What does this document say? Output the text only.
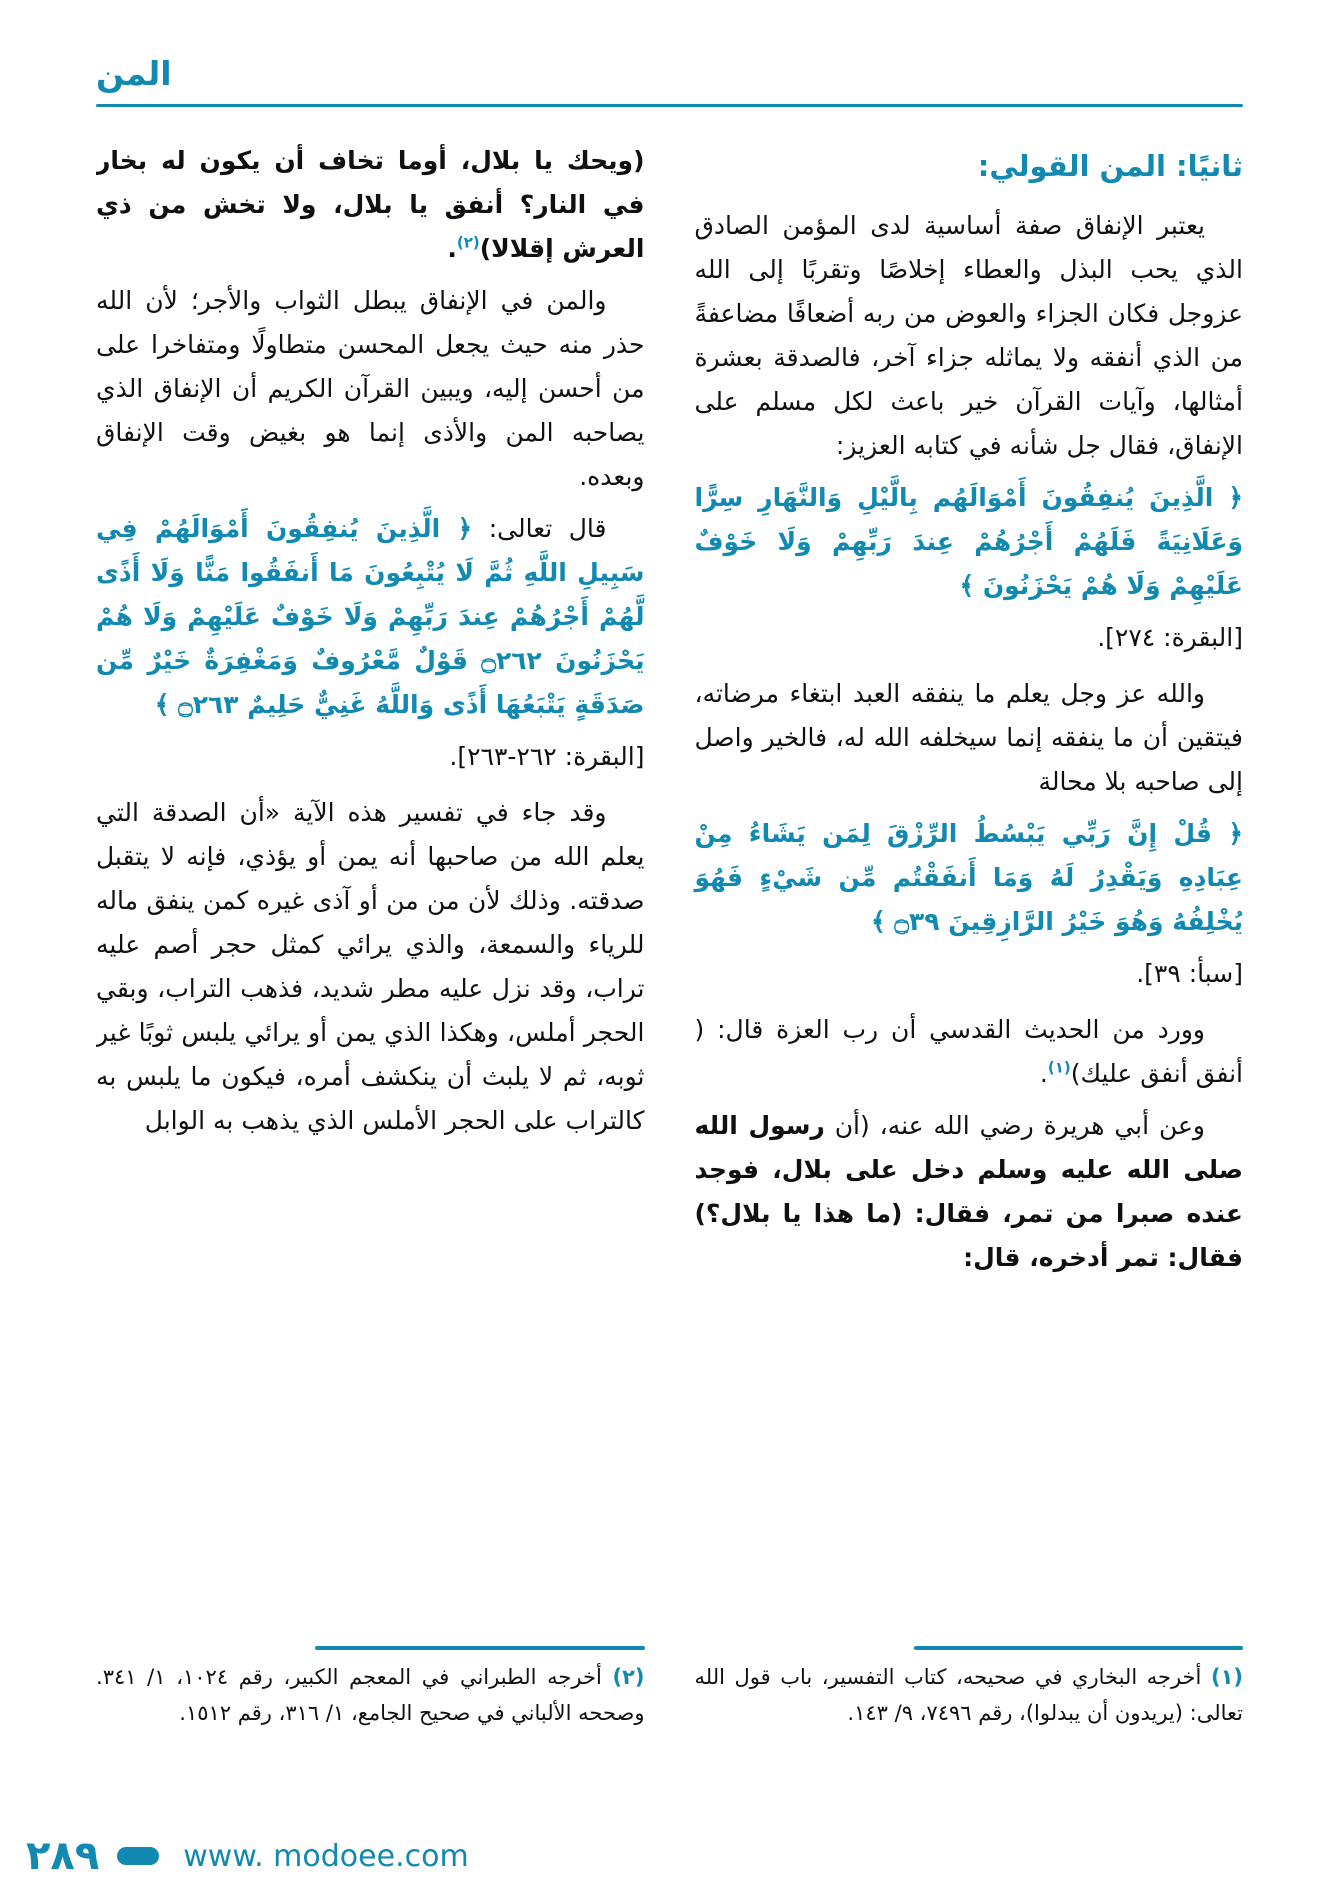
المن
ثانيًا: المن القولي:

يعتبر الإنفاق صفة أساسية لدى المؤمن الصادق الذي يحب البذل والعطاء إخلاصًا وتقربًا إلى الله عزوجل فكان الجزاء والعوض من ربه أضعافًا مضاعفةً من الذي أنفقه ولا يماثله جزاء آخر، فالصدقة بعشرة أمثالها، وآيات القرآن خير باعث لكل مسلم على الإنفاق، فقال جل شأنه في كتابه العزيز:

﴿ الَّذِينَ يُنفِقُونَ أَمْوَالَهُم بِالَّيْلِ وَالنَّهَارِ سِرًّا وَعَلَانِيَةً فَلَهُمْ أَجْرُهُمْ عِندَ رَبِّهِمْ وَلَا خَوْفٌ عَلَيْهِمْ وَلَا هُمْ يَحْزَنُونَ ﴾

[البقرة: ٢٧٤].

والله عز وجل يعلم ما ينفقه العبد ابتغاء مرضاته، فيتقين أن ما ينفقه إنما سيخلفه الله له، فالخير واصل إلى صاحبه بلا محالة

﴿ قُلْ إِنَّ رَبِّي يَبْسُطُ الرِّزْقَ لِمَن يَشَاءُ مِنْ عِبَادِهِ وَيَقْدِرُ لَهُ وَمَا أَنفَقْتُم مِّن شَيْءٍ فَهُوَ يُخْلِفُهُ وَهُوَ خَيْرُ الرَّازِقِينَ ۝٣٩ ﴾

[سبأ: ٣٩].

وورد من الحديث القدسي أن رب العزة قال: ( أنفق أنفق عليك)$^{(١)}$.

وعن أبي هريرة رضي الله عنه، (أن رسول الله صلى الله عليه وسلم دخل على بلال، فوجد عنده صبرا من تمر، فقال: (ما هذا يا بلال؟) فقال: تمر أدخره، قال:

(١) أخرجه البخاري في صحيحه، كتاب التفسير، باب قول الله تعالى: (يريدون أن يبدلوا)، رقم ٧٤٩٦، ٩/ ١٤٣.

(ويحك يا بلال، أوما تخاف أن يكون له بخار في النار؟ أنفق يا بلال، ولا تخش من ذي العرش إقلالا)$^{(٢)}$.

والمن في الإنفاق يبطل الثواب والأجر؛ لأن الله حذر منه حيث يجعل المحسن متطاولًا ومتفاخرا على من أحسن إليه، ويبين القرآن الكريم أن الإنفاق الذي يصاحبه المن والأذى إنما هو بغيض وقت الإنفاق وبعده.

قال تعالى: ﴿ الَّذِينَ يُنفِقُونَ أَمْوَالَهُمْ فِي سَبِيلِ اللَّهِ ثُمَّ لَا يُتْبِعُونَ مَا أَنفَقُوا مَنًّا وَلَا أَذًى لَّهُمْ أَجْرُهُمْ عِندَ رَبِّهِمْ وَلَا خَوْفٌ عَلَيْهِمْ وَلَا هُمْ يَحْزَنُونَ ۝٢٦٢ قَوْلٌ مَّعْرُوفٌ وَمَغْفِرَةٌ خَيْرٌ مِّن صَدَقَةٍ يَتْبَعُهَا أَذًى وَاللَّهُ غَنِيٌّ حَلِيمٌ ۝٢٦٣ ﴾

[البقرة: ٢٦٢-٢٦٣].

وقد جاء في تفسير هذه الآية «أن الصدقة التي يعلم الله من صاحبها أنه يمن أو يؤذي، فإنه لا يتقبل صدقته. وذلك لأن من من أو آذى غيره كمن ينفق ماله للرياء والسمعة، والذي يرائي كمثل حجر أصم عليه تراب، وقد نزل عليه مطر شديد، فذهب التراب، وبقي الحجر أملس، وهكذا الذي يمن أو يرائي يلبس ثوبًا غير ثوبه، ثم لا يلبث أن ينكشف أمره، فيكون ما يلبس به كالتراب على الحجر الأملس الذي يذهب به الوابل

(٢) أخرجه الطبراني في المعجم الكبير، رقم ١٠٢٤، ١/ ٣٤١. وصححه الألباني في صحيح الجامع، ١/ ٣١٦، رقم ١٥١٢.

٢٨٩	www. modoee.com
